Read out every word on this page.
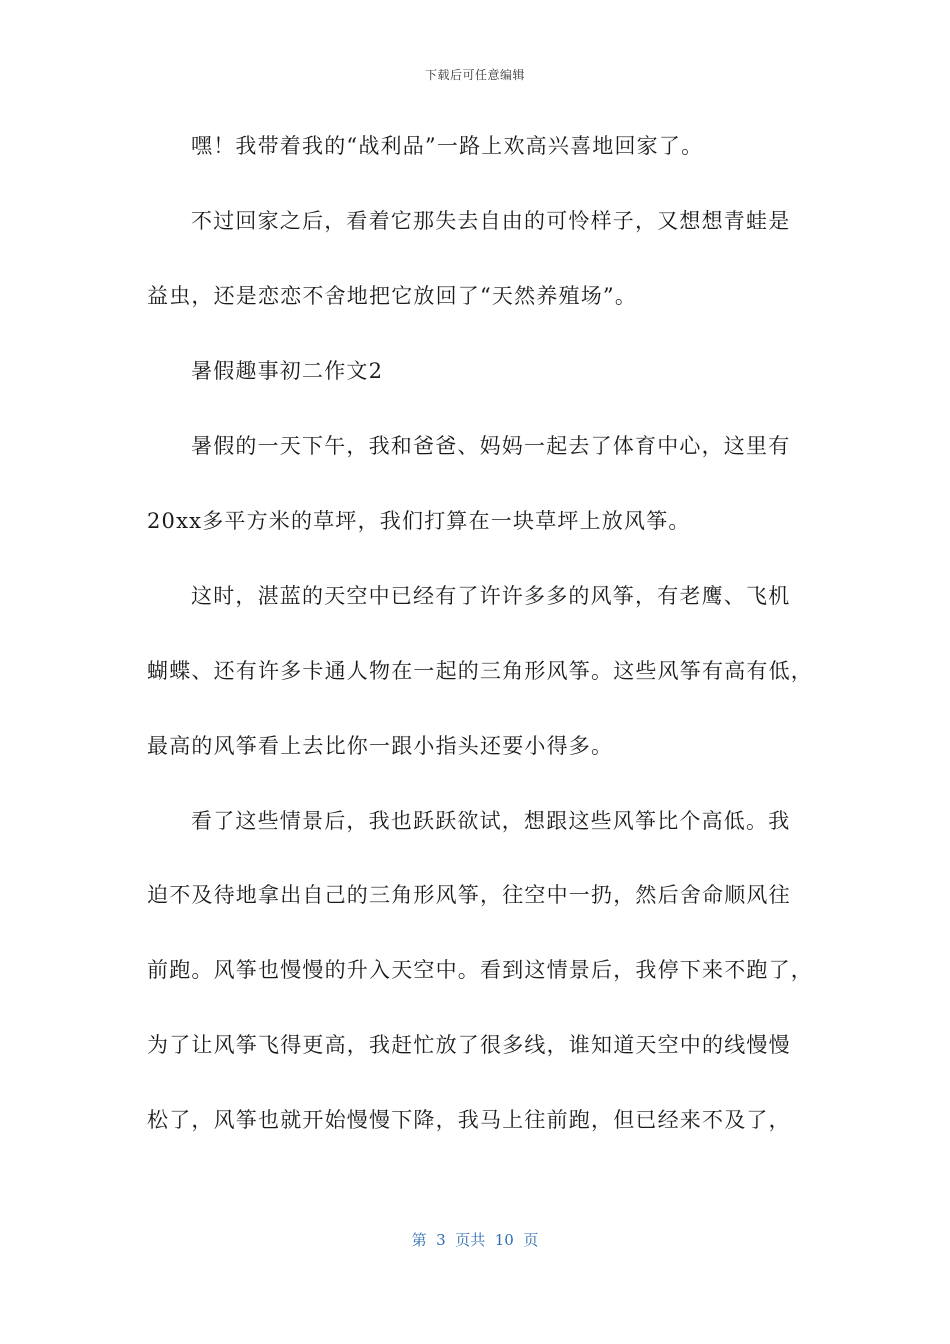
下载后可任意编辑
嘿！我带着我的“战利品”一路上欢高兴喜地回家了。
不过回家之后，看着它那失去自由的可怜样子，又想想青蛙是
益虫，还是恋恋不舍地把它放回了“天然养殖场”。
暑假趣事初二作文2
暑假的一天下午，我和爸爸、妈妈一起去了体育中心，这里有
20xx多平方米的草坪，我们打算在一块草坪上放风筝。
这时，湛蓝的天空中已经有了许许多多的风筝，有老鹰、飞机
蝴蝶、还有许多卡通人物在一起的三角形风筝。这些风筝有高有低，
最高的风筝看上去比你一跟小指头还要小得多。
看了这些情景后，我也跃跃欲试，想跟这些风筝比个高低。我
迫不及待地拿出自己的三角形风筝，往空中一扔，然后舍命顺风往
前跑。风筝也慢慢的升入天空中。看到这情景后，我停下来不跑了，
为了让风筝飞得更高，我赶忙放了很多线，谁知道天空中的线慢慢
松了，风筝也就开始慢慢下降，我马上往前跑，但已经来不及了，
第  3  页共  10  页
